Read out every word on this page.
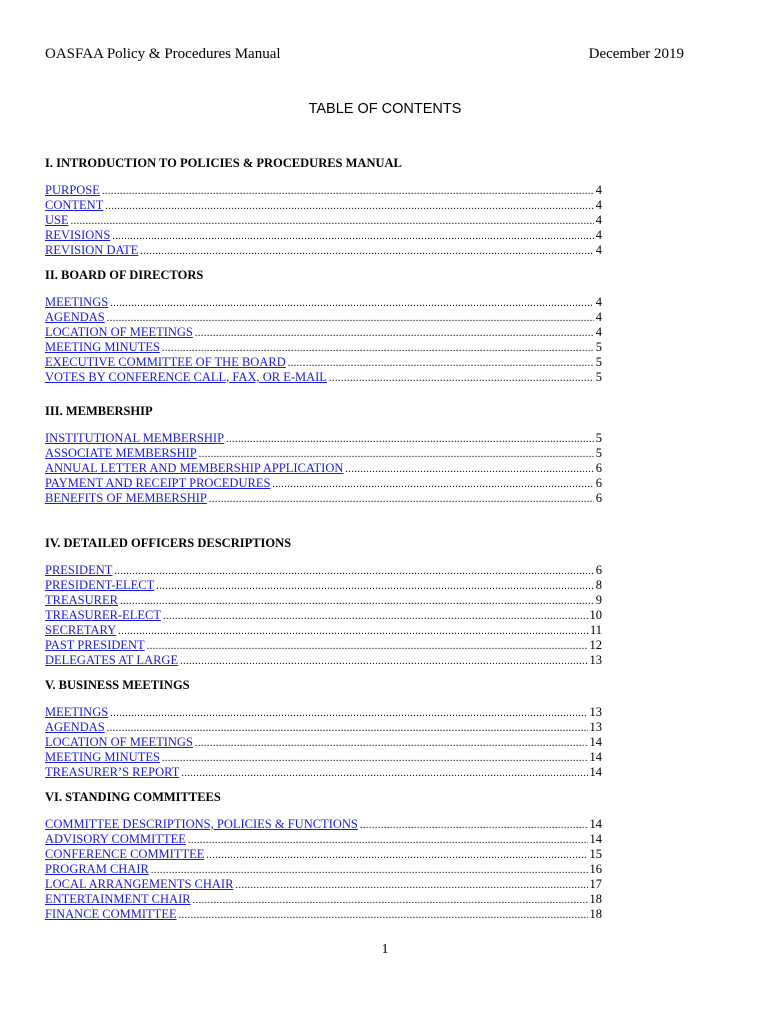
OASFAA Policy & Procedures Manual	December 2019
TABLE OF CONTENTS
I. INTRODUCTION TO POLICIES & PROCEDURES MANUAL
PURPOSE .....	4
CONTENT .....	4
USE .....	4
REVISIONS .....	4
REVISION DATE .....	4
II. BOARD OF DIRECTORS
MEETINGS .....	4
AGENDAS .....	4
LOCATION OF MEETINGS .....	4
MEETING MINUTES .....	5
EXECUTIVE COMMITTEE OF THE BOARD .....	5
VOTES BY CONFERENCE CALL, FAX, OR E-MAIL .....	5
III. MEMBERSHIP
INSTITUTIONAL MEMBERSHIP .....	5
ASSOCIATE MEMBERSHIP .....	5
ANNUAL LETTER AND MEMBERSHIP APPLICATION .....	6
PAYMENT AND RECEIPT PROCEDURES .....	6
BENEFITS OF MEMBERSHIP .....	6
IV. DETAILED OFFICERS DESCRIPTIONS
PRESIDENT .....	6
PRESIDENT-ELECT .....	8
TREASURER .....	9
TREASURER-ELECT .....	10
SECRETARY .....	11
PAST PRESIDENT .....	12
DELEGATES AT LARGE .....	13
V. BUSINESS MEETINGS
MEETINGS .....	13
AGENDAS .....	13
LOCATION OF MEETINGS .....	14
MEETING MINUTES .....	14
TREASURER’S REPORT .....	14
VI. STANDING COMMITTEES
COMMITTEE DESCRIPTIONS, POLICIES & FUNCTIONS .....	14
ADVISORY COMMITTEE .....	14
CONFERENCE COMMITTEE .....	15
PROGRAM CHAIR .....	16
LOCAL ARRANGEMENTS CHAIR .....	17
ENTERTAINMENT CHAIR .....	18
FINANCE COMMITTEE .....	18
1
